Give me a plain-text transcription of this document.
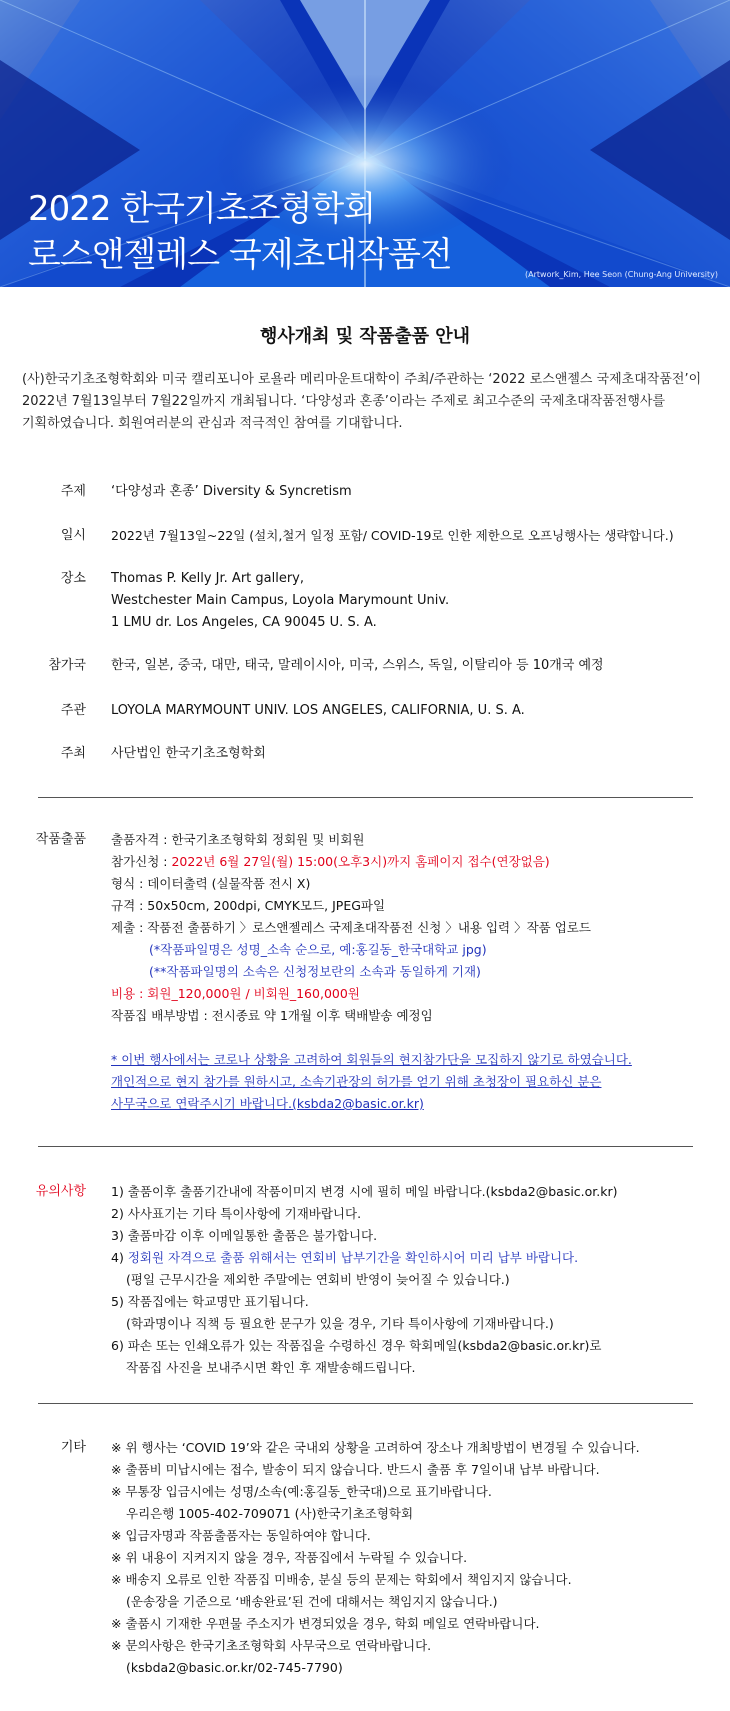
2022 한국기초조형학회
로스앤젤레스 국제초대작품전	(Artwork_Kim, Hee Seon (Chung-Ang University)
행사개최 및 작품출품 안내
(사)한국기초조형학회와 미국 캘리포니아 로욜라 메리마운트대학이 주최/주관하는 ‘2022 로스앤젤스 국제초대작품전’이
2022년 7월13일부터 7월22일까지 개최됩니다. ‘다양성과 혼종’이라는 주제로 최고수준의 국제초대작품전행사를
기획하였습니다. 회원여러분의 관심과 적극적인 참여를 기대합니다.
주제 ‘다양성과 혼종’ Diversity & Syncretism
일시 2022년 7월13일~22일 (설치,철거 일정 포함/ COVID-19로 인한 제한으로 오프닝행사는 생략합니다.)
장소 Thomas P. Kelly Jr. Art gallery,
Westchester Main Campus, Loyola Marymount Univ.
1 LMU dr. Los Angeles, CA 90045 U. S. A.
참가국 한국, 일본, 중국, 대만, 태국, 말레이시아, 미국, 스위스, 독일, 이탈리아 등 10개국 예정
주관 LOYOLA MARYMOUNT UNIV. LOS ANGELES, CALIFORNIA, U. S. A.
주최 사단법인 한국기초조형학회
작품출품 출품자격 : 한국기초조형학회 정회원 및 비회원
참가신청 : 2022년 6월 27일(월) 15:00(오후3시)까지 홈페이지 접수(연장없음)
형식 : 데이터출력 (실물작품 전시 X)
규격 : 50x50cm, 200dpi, CMYK모드, JPEG파일
제출 : 작품전 출품하기 〉로스앤젤레스 국제초대작품전 신청 〉내용 입력 〉작품 업로드
(*작품파일명은 성명_소속 순으로, 예:홍길동_한국대학교 jpg)
(**작품파일명의 소속은 신청정보란의 소속과 동일하게 기재)
비용 : 회원_120,000원 / 비회원_160,000원
작품집 배부방법 : 전시종료 약 1개월 이후 택배발송 예정임
* 이번 행사에서는 코로나 상황을 고려하여 회원들의 현지참가단을 모집하지 않기로 하였습니다.
개인적으로 현지 참가를 원하시고, 소속기관장의 허가를 얻기 위해 초청장이 필요하신 분은
사무국으로 연락주시기 바랍니다.(ksbda2@basic.or.kr)
유의사항 1) 출품이후 출품기간내에 작품이미지 변경 시에 필히 메일 바랍니다.(ksbda2@basic.or.kr)
2) 사사표기는 기타 특이사항에 기재바랍니다.
3) 출품마감 이후 이메일통한 출품은 불가합니다.
4) 정회원 자격으로 출품 위해서는 연회비 납부기간을 확인하시어 미리 납부 바랍니다.
(평일 근무시간을 제외한 주말에는 연회비 반영이 늦어질 수 있습니다.)
5) 작품집에는 학교명만 표기됩니다.
(학과명이나 직책 등 필요한 문구가 있을 경우, 기타 특이사항에 기재바랍니다.)
6) 파손 또는 인쇄오류가 있는 작품집을 수령하신 경우 학회메일(ksbda2@basic.or.kr)로
작품집 사진을 보내주시면 확인 후 재발송해드립니다.
기타 ※ 위 행사는 ‘COVID 19’와 같은 국내외 상황을 고려하여 장소나 개최방법이 변경될 수 있습니다.
※ 출품비 미납시에는 접수, 발송이 되지 않습니다. 반드시 출품 후 7일이내 납부 바랍니다.
※ 무통장 입금시에는 성명/소속(예:홍길동_한국대)으로 표기바랍니다.
우리은행 1005-402-709071 (사)한국기초조형학회
※ 입금자명과 작품출품자는 동일하여야 합니다.
※ 위 내용이 지켜지지 않을 경우, 작품집에서 누락될 수 있습니다.
※ 배송지 오류로 인한 작품집 미배송, 분실 등의 문제는 학회에서 책임지지 않습니다.
(운송장을 기준으로 ‘배송완료’된 건에 대해서는 책임지지 않습니다.)
※ 출품시 기재한 우편물 주소지가 변경되었을 경우, 학회 메일로 연락바랍니다.
※ 문의사항은 한국기초조형학회 사무국으로 연락바랍니다.
(ksbda2@basic.or.kr/02-745-7790)
